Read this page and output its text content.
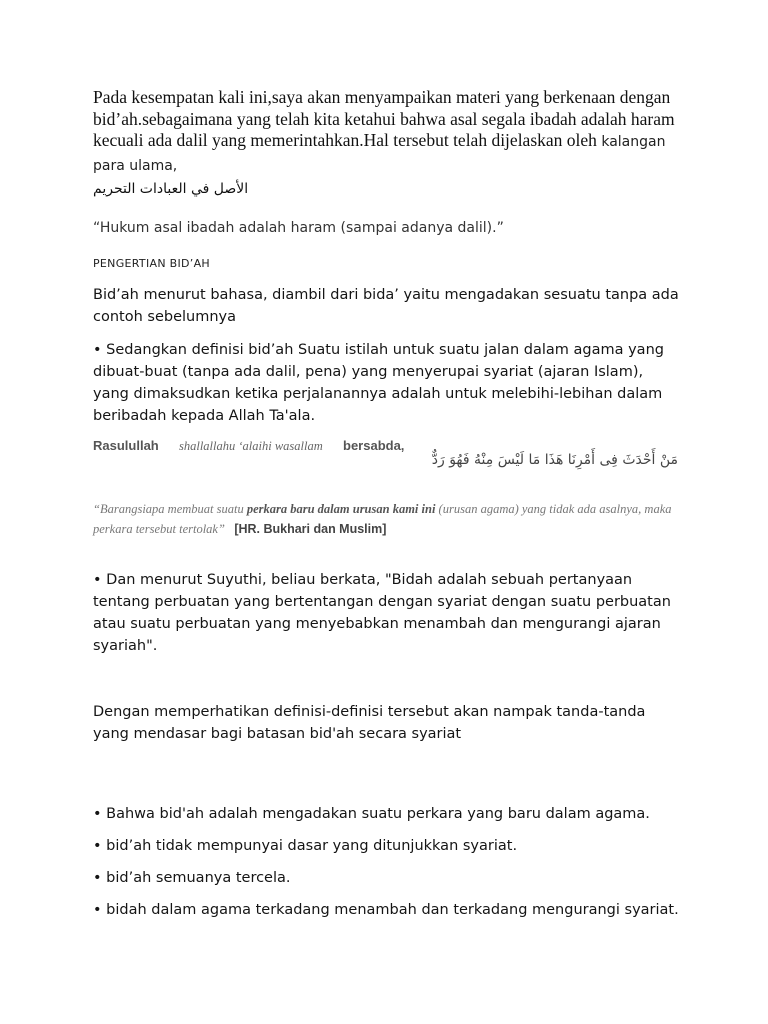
Pada kesempatan kali ini,saya akan menyampaikan materi yang berkenaan dengan bid’ah.sebagaimana yang telah kita ketahui bahwa asal segala ibadah adalah haram kecuali ada dalil yang memerintahkan.Hal tersebut telah dijelaskan oleh kalangan para ulama,

الأصل في العبادات التحريم

“Hukum asal ibadah adalah haram (sampai adanya dalil).”

PENGERTIAN BID’AH

Bid’ah menurut bahasa, diambil dari bida’ yaitu mengadakan sesuatu tanpa ada contoh sebelumnya

• Sedangkan definisi bid’ah Suatu istilah untuk suatu jalan dalam agama yang dibuat-buat (tanpa ada dalil, pena) yang menyerupai syariat (ajaran Islam), yang dimaksudkan ketika perjalanannya adalah untuk melebihi-lebihan dalam beribadah kepada Allah Ta'ala.

Rasulullah shallallahu ‘alaihi wasallam bersabda,

مَنْ أَحْدَثَ فِى أَمْرِنَا هَذَا مَا لَيْسَ مِنْهُ فَهُوَ رَدٌّ

“Barangsiapa membuat suatu perkara baru dalam urusan kami ini (urusan agama) yang tidak ada asalnya, maka perkara tersebut tertolak” [HR. Bukhari dan Muslim]

• Dan menurut Suyuthi, beliau berkata, "Bidah adalah sebuah pertanyaan tentang perbuatan yang bertentangan dengan syariat dengan suatu perbuatan atau suatu perbuatan yang menyebabkan menambah dan mengurangi ajaran syariah".

Dengan memperhatikan definisi-definisi tersebut akan nampak tanda-tanda yang mendasar bagi batasan bid'ah secara syariat

• Bahwa bid'ah adalah mengadakan suatu perkara yang baru dalam agama.

• bid’ah tidak mempunyai dasar yang ditunjukkan syariat.

• bid’ah semuanya tercela.

• bidah dalam agama terkadang menambah dan terkadang mengurangi syariat.
